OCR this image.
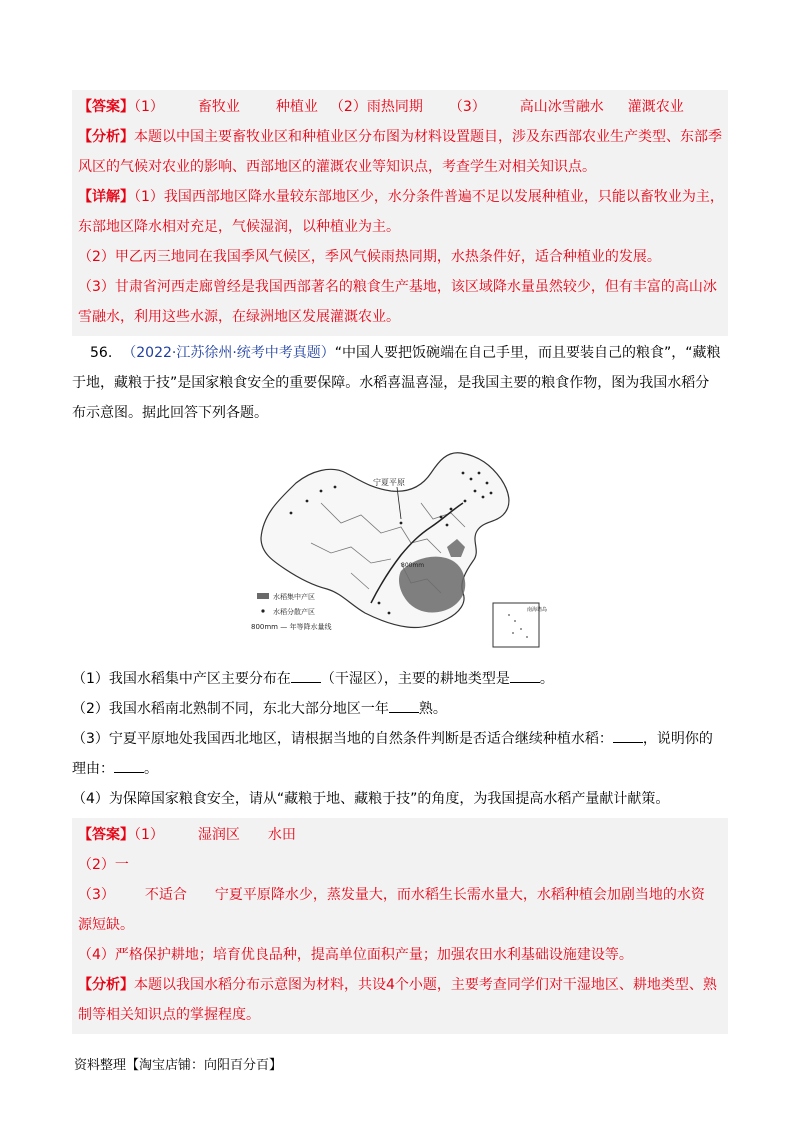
【答案】（1） 畜牧业	种植业 （2）雨热同期 （3） 高山冰雪融水 灌溉农业
【分析】本题以中国主要畜牧业区和种植业区分布图为材料设置题目，涉及东西部农业生产类型、东部季
风区的气候对农业的影响、西部地区的灌溉农业等知识点，考查学生对相关知识点。
【详解】（1）我国西部地区降水量较东部地区少，水分条件普遍不足以发展种植业，只能以畜牧业为主，
东部地区降水相对充足，气候湿润，以种植业为主。
（2）甲乙丙三地同在我国季风气候区，季风气候雨热同期，水热条件好，适合种植业的发展。
（3）甘肃省河西走廊曾经是我国西部著名的粮食生产基地，该区域降水量虽然较少，但有丰富的高山冰
雪融水，利用这些水源，在绿洲地区发展灌溉农业。
56. （2022·江苏徐州·统考中考真题）“中国人要把饭碗端在自己手里，而且要装自己的粮食”，“藏粮
于地，藏粮于技”是国家粮食安全的重要保障。水稻喜温喜湿，是我国主要的粮食作物，图为我国水稻分
布示意图。据此回答下列各题。
宁夏平原
800mm
水稻集中产区
水稻分散产区
800mm — 年等降水量线
南海诸岛
（1）我国水稻集中产区主要分布在 （干湿区），主要的耕地类型是 。
（2）我国水稻南北熟制不同，东北大部分地区一年 熟。
（3）宁夏平原地处我国西北地区，请根据当地的自然条件判断是否适合继续种植水稻： ，说明你的
理由： 。
（4）为保障国家粮食安全，请从“藏粮于地、藏粮于技”的角度，为我国提高水稻产量献计献策。
【答案】（1） 湿润区 水田
（2）一
（3） 不适合 宁夏平原降水少，蒸发量大，而水稻生长需水量大，水稻种植会加剧当地的水资
源短缺。
（4）严格保护耕地；培育优良品种，提高单位面积产量；加强农田水利基础设施建设等。
【分析】本题以我国水稻分布示意图为材料，共设4个小题，主要考查同学们对干湿地区、耕地类型、熟
制等相关知识点的掌握程度。
资料整理【淘宝店铺：向阳百分百】
